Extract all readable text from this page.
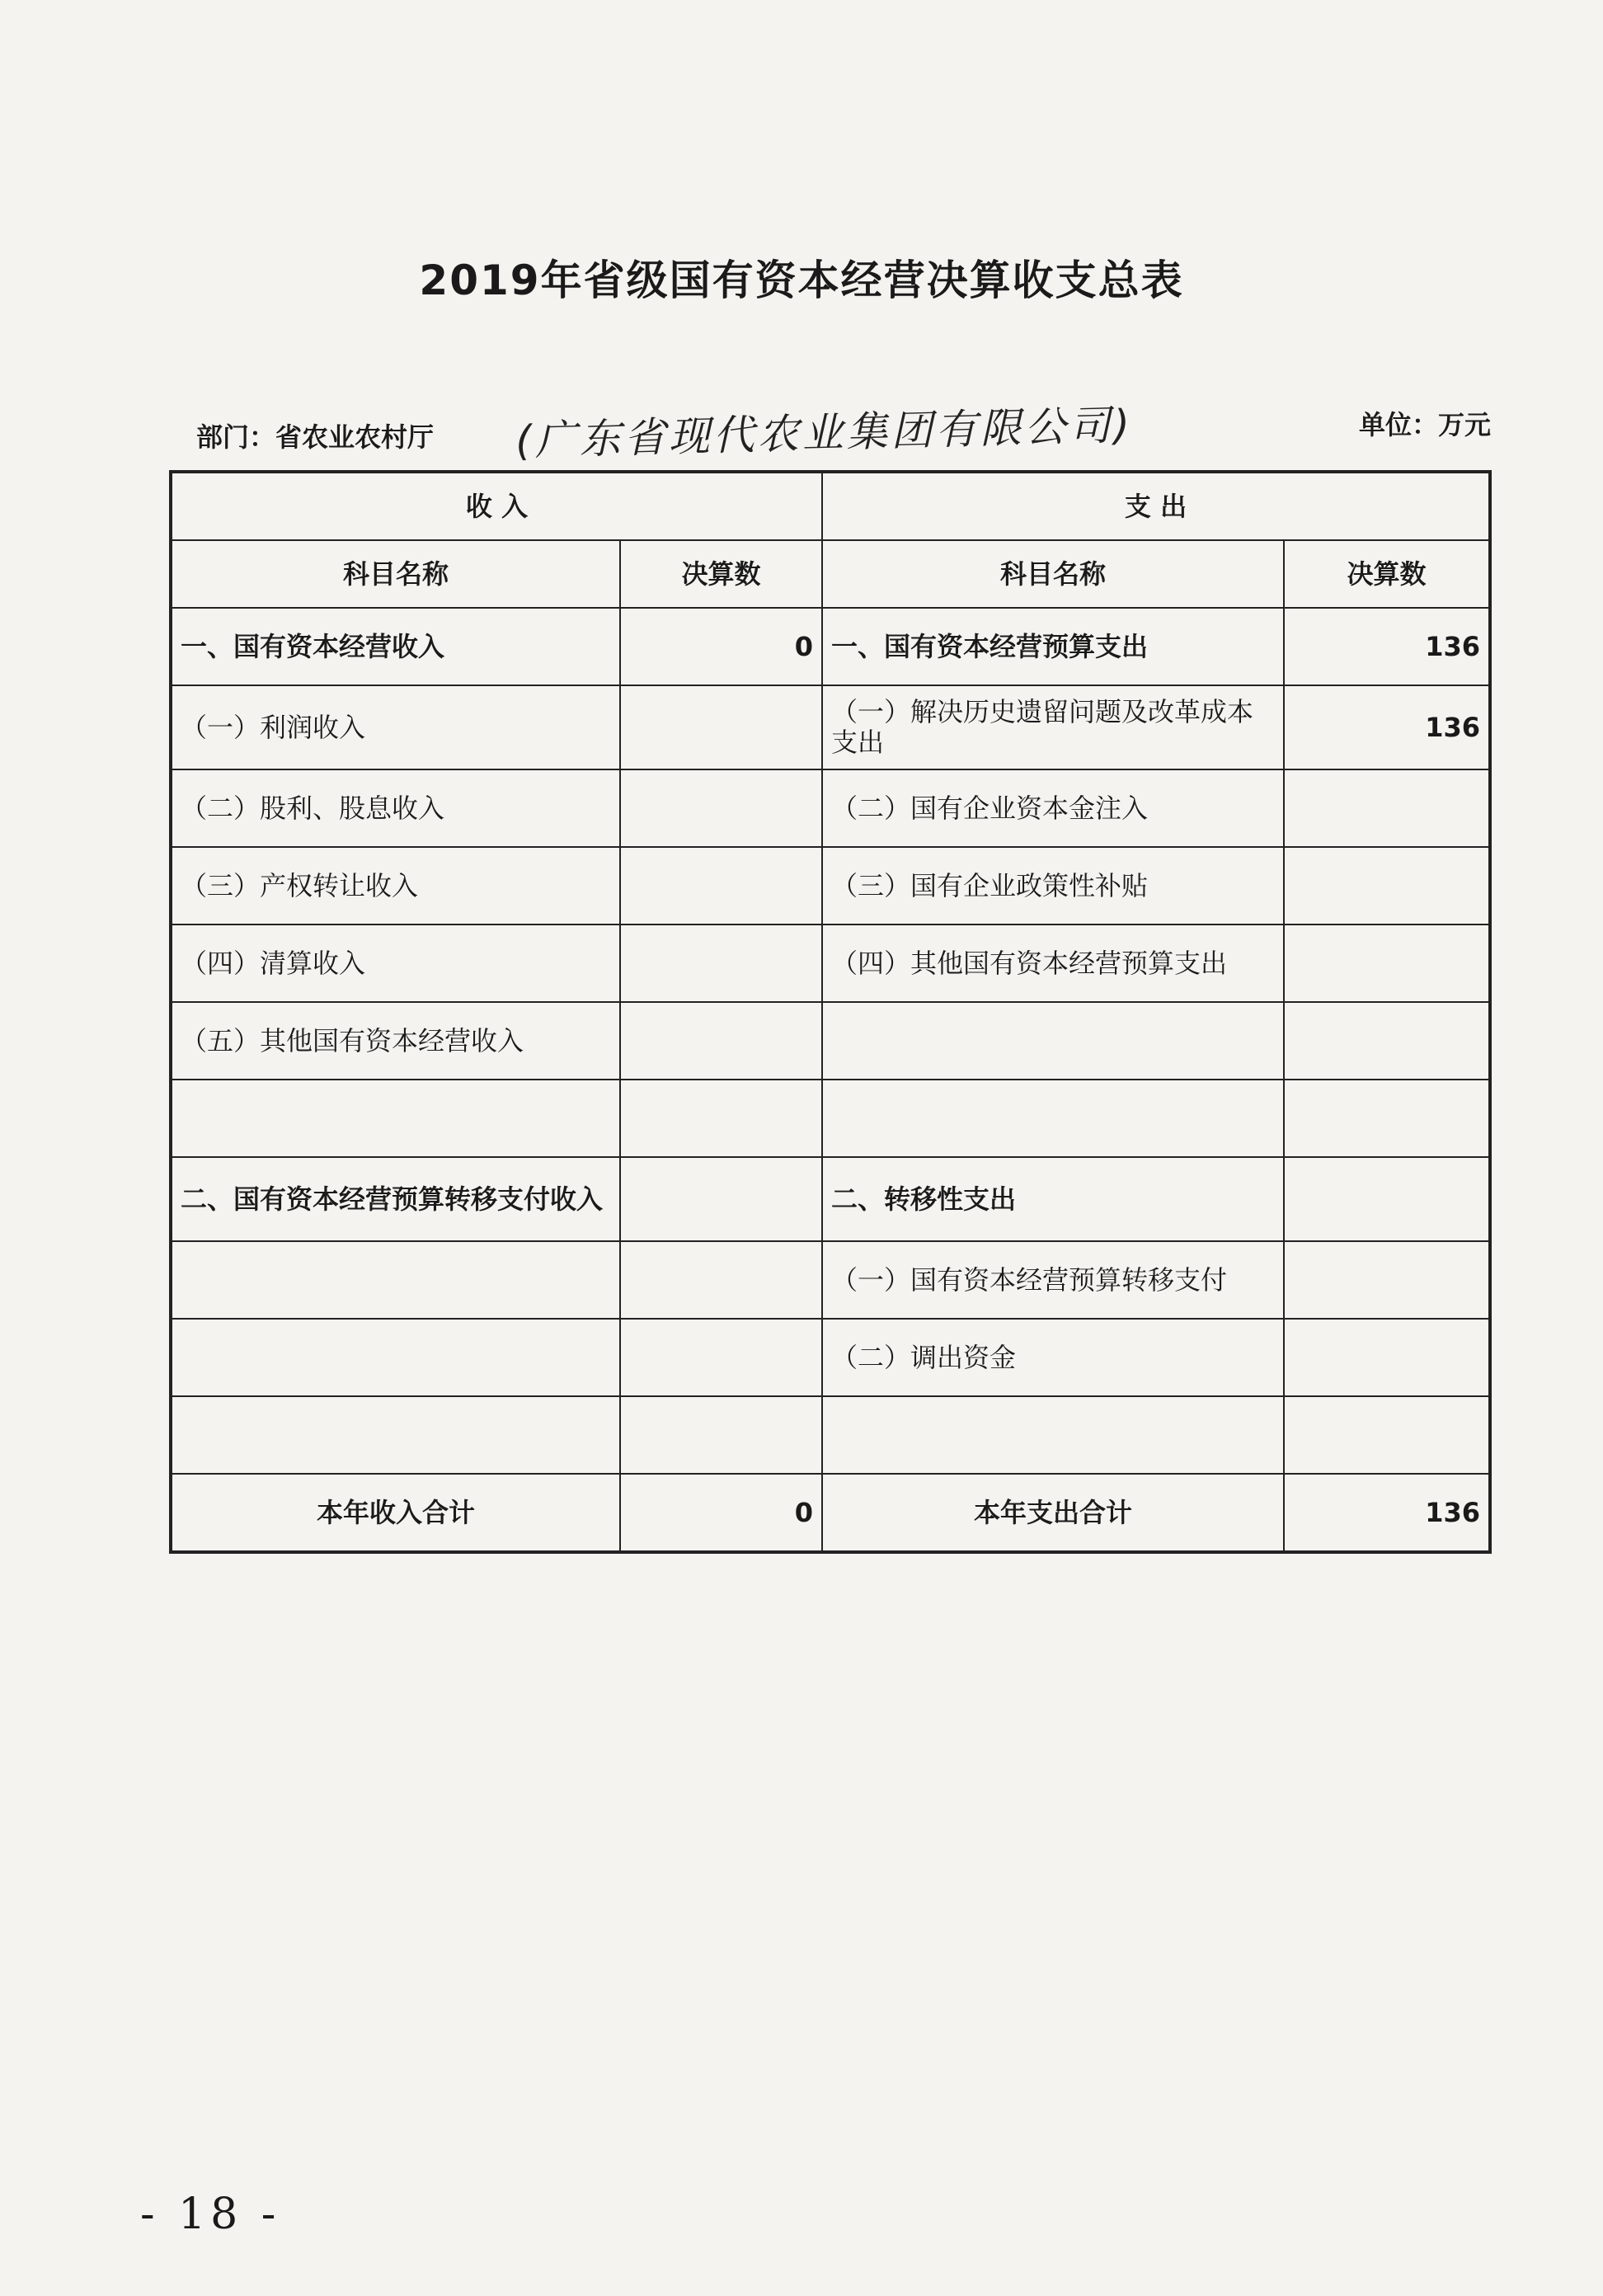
2019年省级国有资本经营决算收支总表
部门：省农业农村厅 (广东省现代农业集团有限公司)	单位：万元
收 入		支 出	
科目名称	决算数	科目名称	决算数
一、国有资本经营收入	0	一、国有资本经营预算支出	136
（一）利润收入		（一）解决历史遗留问题及改革成本支出	136
（二）股利、股息收入		（二）国有企业资本金注入	
（三）产权转让收入		（三）国有企业政策性补贴	
（四）清算收入		（四）其他国有资本经营预算支出	
（五）其他国有资本经营收入			

二、国有资本经营预算转移支付收入		二、转移性支出	
		（一）国有资本经营预算转移支付	
		（二）调出资金	

本年收入合计	0	本年支出合计	136
- 18 -
